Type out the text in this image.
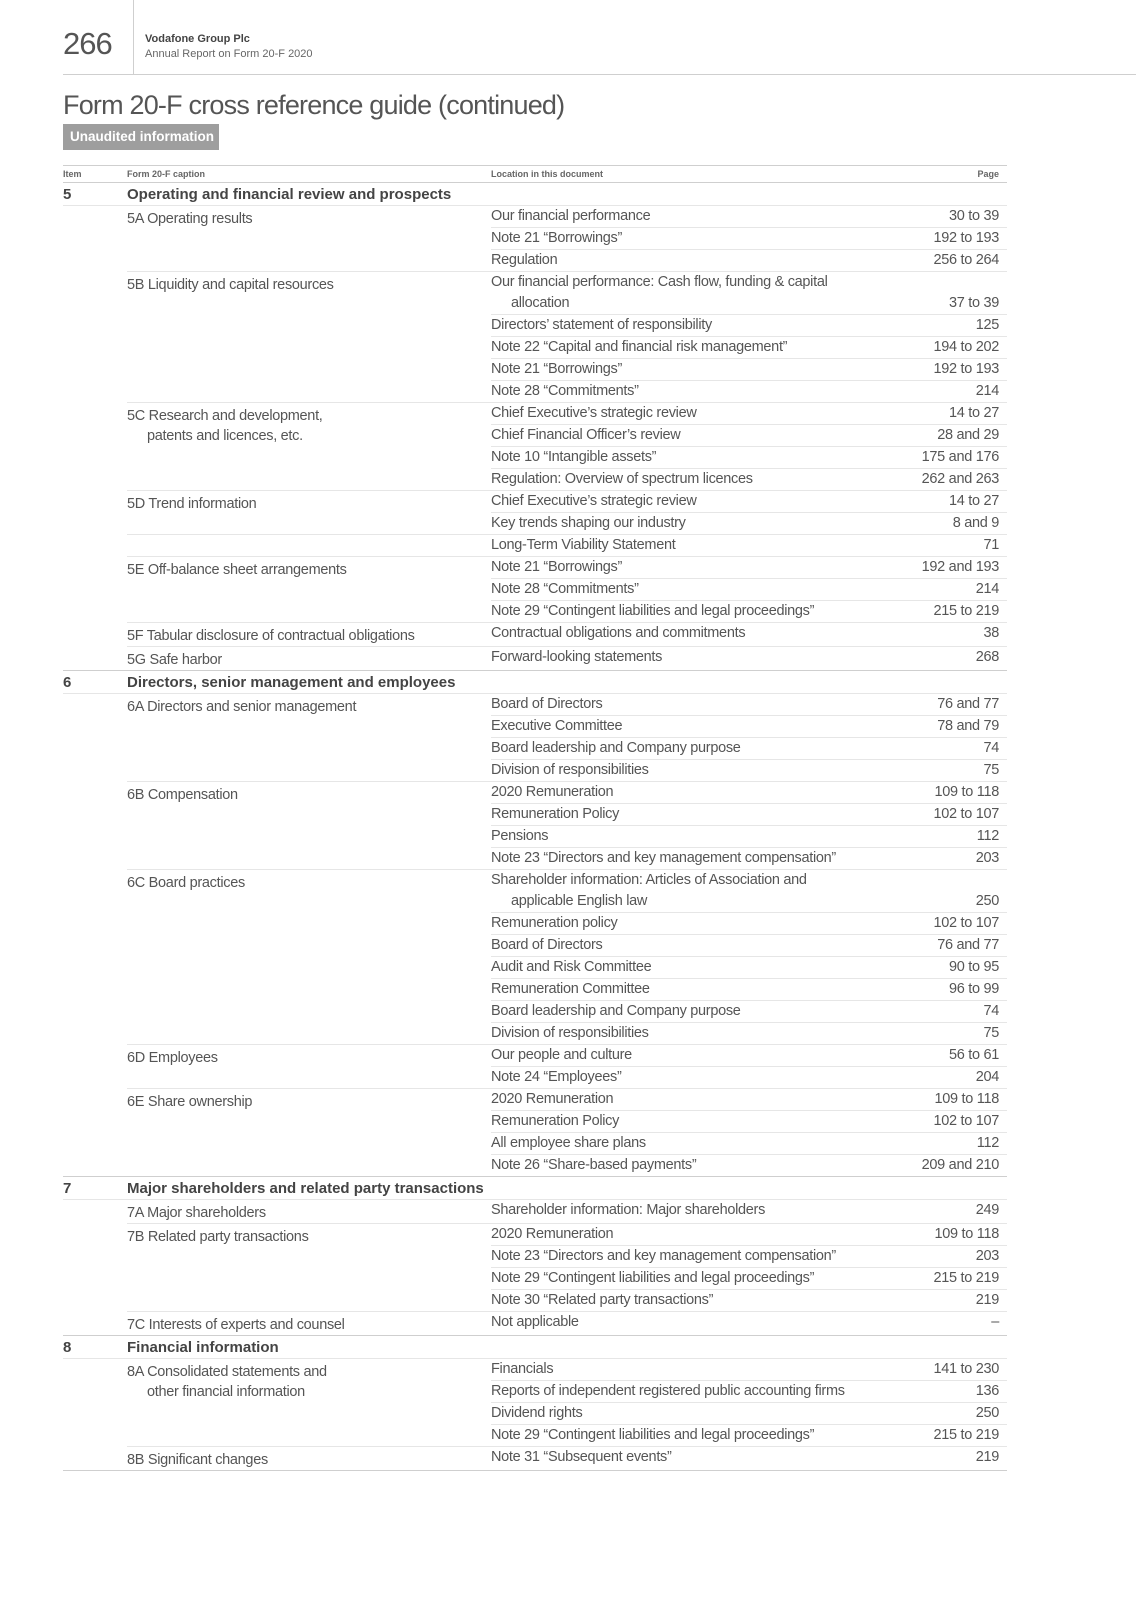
266	Vodafone Group Plc
Annual Report on Form 20-F 2020
Form 20-F cross reference guide (continued)
Unaudited information
Item	Form 20-F caption	Location in this document	Page
5	Operating and financial review and prospects
5A Operating results	Our financial performance	30 to 39
Note 21 “Borrowings”	192 to 193
Regulation	256 to 264
5B Liquidity and capital resources	Our financial performance: Cash flow, funding & capital
allocation	37 to 39
Directors’ statement of responsibility	125
Note 22 “Capital and financial risk management”	194 to 202
Note 21 “Borrowings”	192 to 193
Note 28 “Commitments”	214
5C Research and development,
patents and licences, etc.
Chief Executive’s strategic review	14 to 27
Chief Financial Officer’s review	28 and 29
Note 10 “Intangible assets”	175 and 176
Regulation: Overview of spectrum licences	262 and 263
5D Trend information	Chief Executive’s strategic review	14 to 27
Key trends shaping our industry	8 and 9
Long-Term Viability Statement	71
5E Off-balance sheet arrangements	Note 21 “Borrowings”	192 and 193
Note 28 “Commitments”	214
Note 29 “Contingent liabilities and legal proceedings”	215 to 219
5F Tabular disclosure of contractual obligations	Contractual obligations and commitments	38
5G Safe harbor	Forward-looking statements	268
6	Directors, senior management and employees
6A Directors and senior management	Board of Directors	76 and 77
Executive Committee	78 and 79
Board leadership and Company purpose	74
Division of responsibilities	75
6B Compensation	2020 Remuneration	109 to 118
Remuneration Policy	102 to 107
Pensions	112
Note 23 “Directors and key management compensation”	203
6C Board practices	Shareholder information: Articles of Association and
applicable English law	250
Remuneration policy	102 to 107
Board of Directors	76 and 77
Audit and Risk Committee	90 to 95
Remuneration Committee	96 to 99
Board leadership and Company purpose	74
Division of responsibilities	75
6D Employees	Our people and culture	56 to 61
Note 24 “Employees”	204
6E Share ownership	2020 Remuneration	109 to 118
Remuneration Policy	102 to 107
All employee share plans	112
Note 26 “Share-based payments”	209 and 210
7	Major shareholders and related party transactions
7A Major shareholders	Shareholder information: Major shareholders	249
7B Related party transactions	2020 Remuneration	109 to 118
Note 23 “Directors and key management compensation”	203
Note 29 “Contingent liabilities and legal proceedings”	215 to 219
Note 30 “Related party transactions”	219
7C Interests of experts and counsel	Not applicable	–
8	Financial information
8A Consolidated statements and
other financial information
Financials	141 to 230
Reports of independent registered public accounting firms	136
Dividend rights	250
Note 29 “Contingent liabilities and legal proceedings”	215 to 219
8B Significant changes	Note 31 “Subsequent events”	219
